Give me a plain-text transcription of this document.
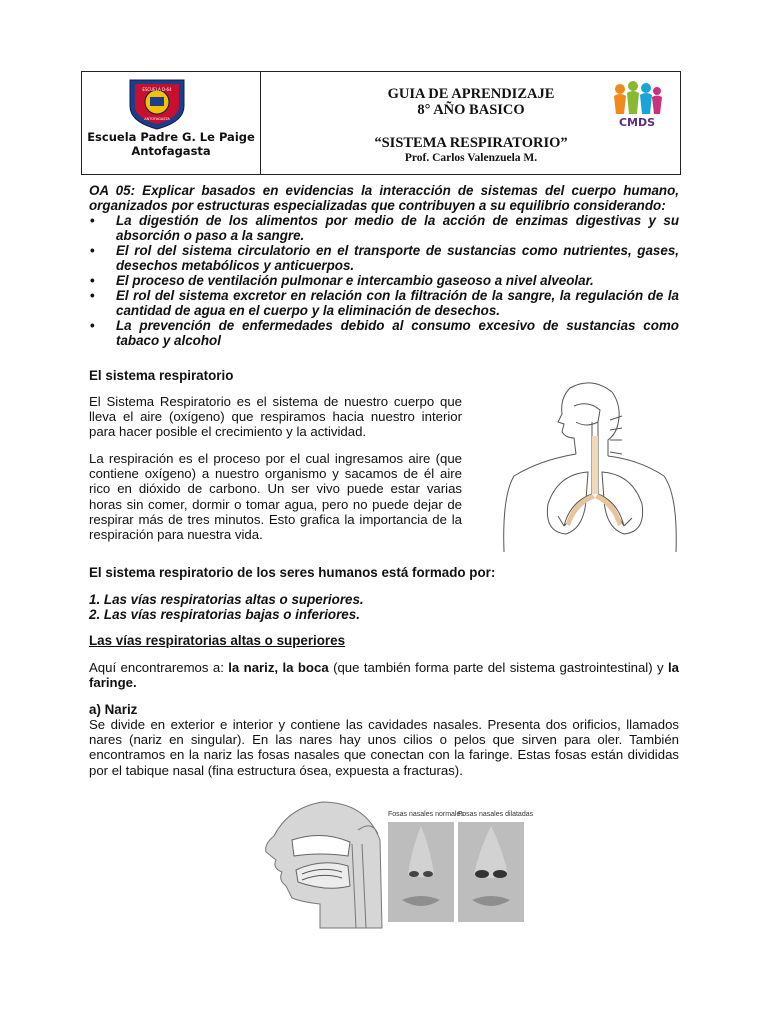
ESCUELA D-64
ANTOFAGASTA
Escuela Padre G. Le Paige
Antofagasta
GUIA DE APRENDIZAJE
8° AÑO BASICO
“SISTEMA RESPIRATORIO”
Prof. Carlos Valenzuela M.
CMDS

OA 05: Explicar basados en evidencias la interacción de sistemas del cuerpo humano, organizados por estructuras especializadas que contribuyen a su equilibrio considerando:

• La digestión de los alimentos por medio de la acción de enzimas digestivas y su absorción o paso a la sangre.
• El rol del sistema circulatorio en el transporte de sustancias como nutrientes, gases, desechos metabólicos y anticuerpos.
• El proceso de ventilación pulmonar e intercambio gaseoso a nivel alveolar.
• El rol del sistema excretor en relación con la filtración de la sangre, la regulación de la cantidad de agua en el cuerpo y la eliminación de desechos.
• La prevención de enfermedades debido al consumo excesivo de sustancias como tabaco y alcohol
El sistema respiratorio
El Sistema Respiratorio es el sistema de nuestro cuerpo que lleva el aire (oxígeno) que respiramos hacia nuestro interior para hacer posible el crecimiento y la actividad.
La respiración es el proceso por el cual ingresamos aire (que contiene oxígeno) a nuestro organismo y sacamos de él aire rico en dióxido de carbono. Un ser vivo puede estar varias horas sin comer, dormir o tomar agua, pero no puede dejar de respirar más de tres minutos. Esto grafica la importancia de la respiración para nuestra vida.
El sistema respiratorio de los seres humanos está formado por:
1. Las vías respiratorias altas o superiores.
2. Las vías respiratorias bajas o inferiores.
Las vías respiratorias altas o superiores
Aquí encontraremos a: la nariz, la boca (que también forma parte del sistema gastrointestinal) y la faringe.
a) Nariz
Se divide en exterior e interior y contiene las cavidades nasales. Presenta dos orificios, llamados nares (nariz en singular). En las nares hay unos cilios o pelos que sirven para oler. También encontramos en la nariz las fosas nasales que conectan con la faringe. Estas fosas están divididas por el tabique nasal (fina estructura ósea, expuesta a fracturas).
Fosas nasales normales
Fosas nasales dilatadas
